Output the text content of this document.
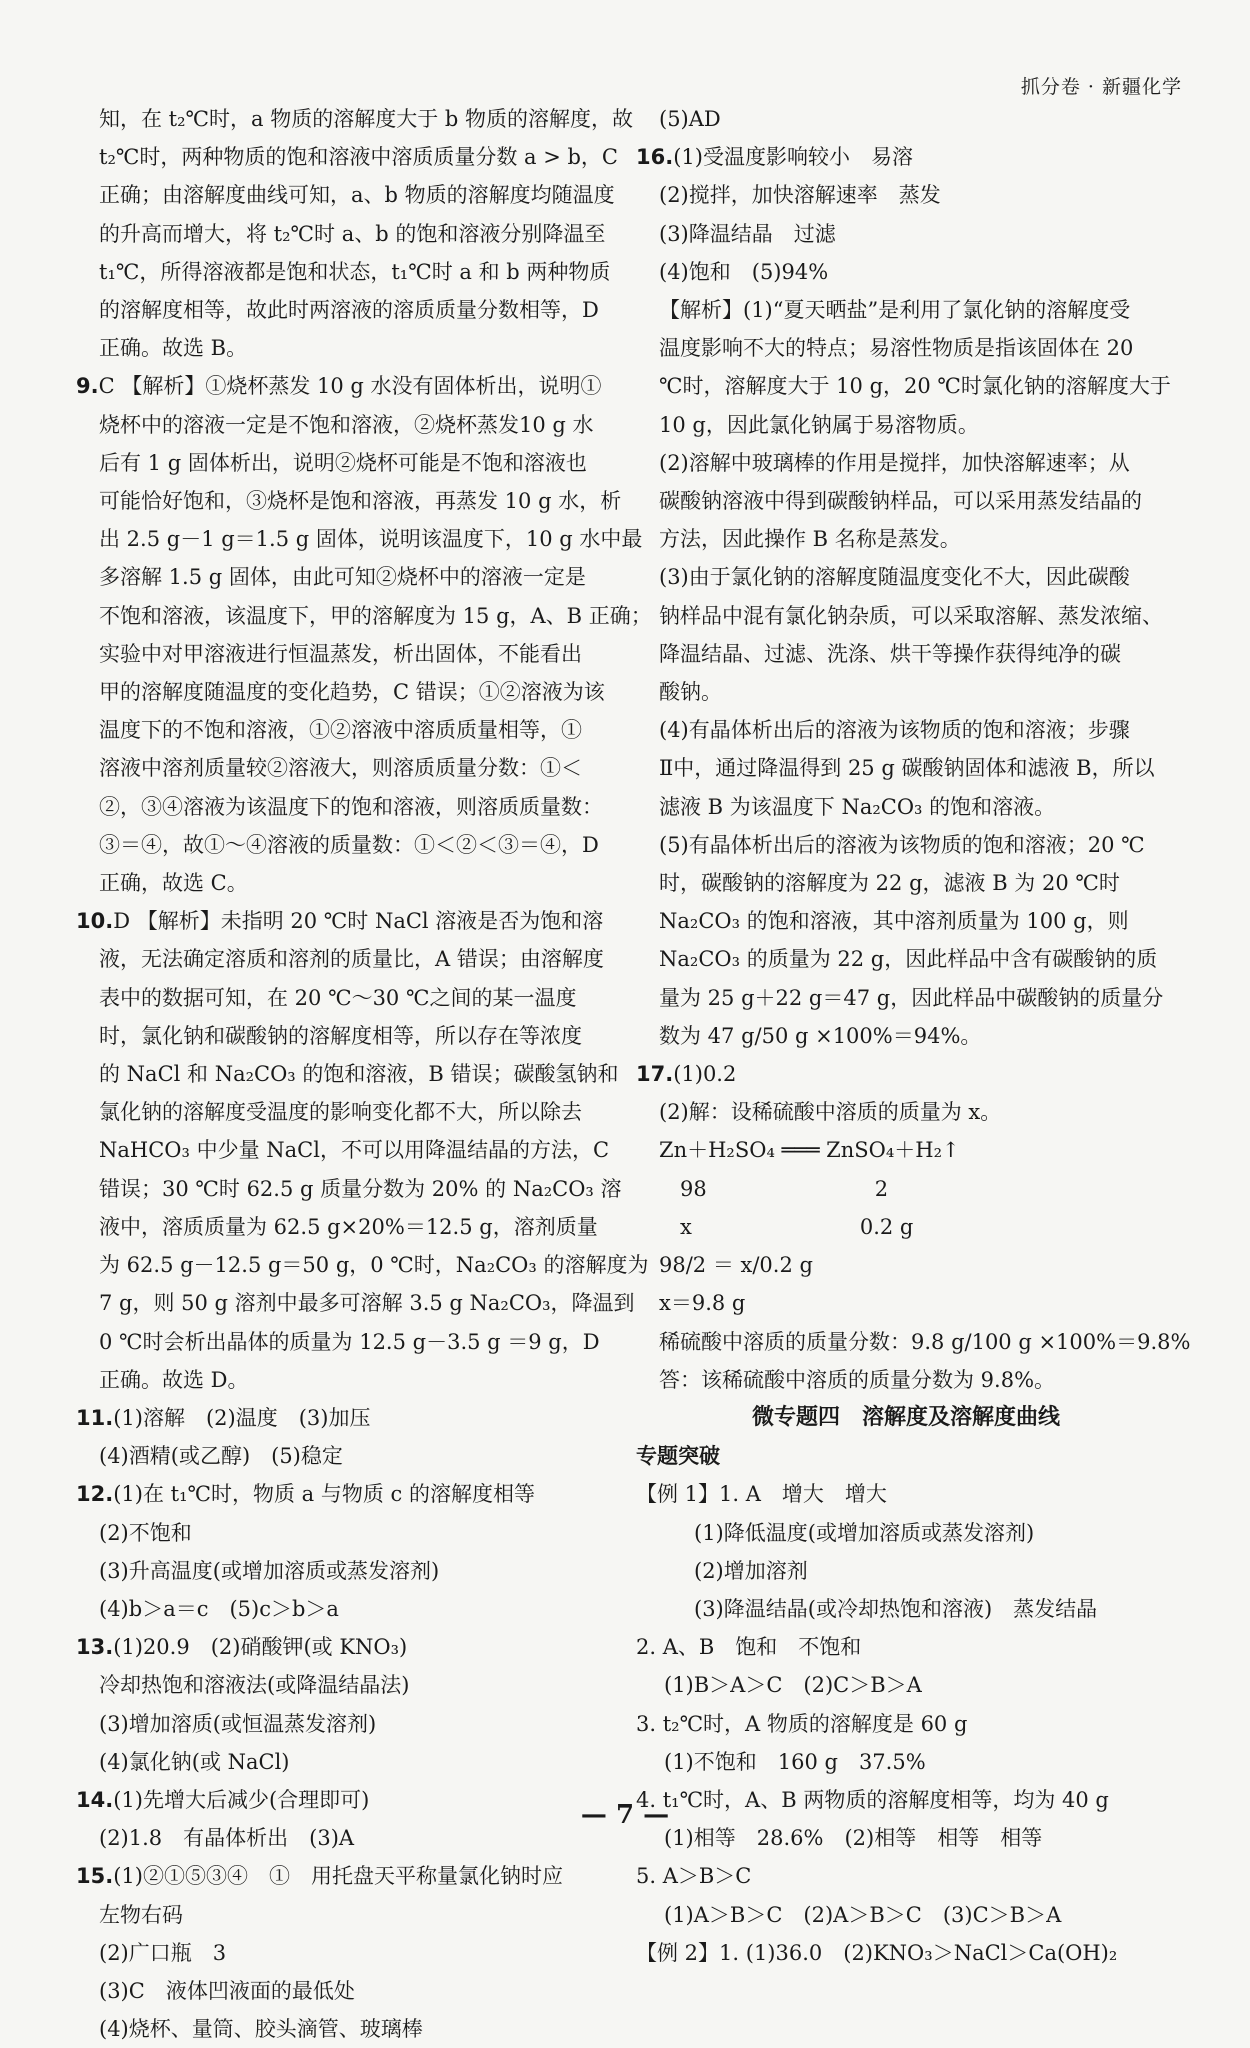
抓分卷 · 新疆化学
知，在 t₂℃时，a 物质的溶解度大于 b 物质的溶解度，故
t₂℃时，两种物质的饱和溶液中溶质质量分数 a > b，C
正确；由溶解度曲线可知，a、b 物质的溶解度均随温度
的升高而增大，将 t₂℃时 a、b 的饱和溶液分别降温至
t₁℃，所得溶液都是饱和状态，t₁℃时 a 和 b 两种物质
的溶解度相等，故此时两溶液的溶质质量分数相等，D
正确。故选 B。
9.C 【解析】①烧杯蒸发 10 g 水没有固体析出，说明①
烧杯中的溶液一定是不饱和溶液，②烧杯蒸发10 g 水
后有 1 g 固体析出，说明②烧杯可能是不饱和溶液也
可能恰好饱和，③烧杯是饱和溶液，再蒸发 10 g 水，析
出 2.5 g－1 g＝1.5 g 固体，说明该温度下，10 g 水中最
多溶解 1.5 g 固体，由此可知②烧杯中的溶液一定是
不饱和溶液，该温度下，甲的溶解度为 15 g，A、B 正确；
实验中对甲溶液进行恒温蒸发，析出固体，不能看出
甲的溶解度随温度的变化趋势，C 错误；①②溶液为该
温度下的不饱和溶液，①②溶液中溶质质量相等，①
溶液中溶剂质量较②溶液大，则溶质质量分数：①＜
②，③④溶液为该温度下的饱和溶液，则溶质质量数：
③＝④，故①～④溶液的质量数：①＜②＜③＝④，D
正确，故选 C。
10.D 【解析】未指明 20 ℃时 NaCl 溶液是否为饱和溶
液，无法确定溶质和溶剂的质量比，A 错误；由溶解度
表中的数据可知，在 20 ℃～30 ℃之间的某一温度
时，氯化钠和碳酸钠的溶解度相等，所以存在等浓度
的 NaCl 和 Na₂CO₃ 的饱和溶液，B 错误；碳酸氢钠和
氯化钠的溶解度受温度的影响变化都不大，所以除去
NaHCO₃ 中少量 NaCl，不可以用降温结晶的方法，C
错误；30 ℃时 62.5 g 质量分数为 20% 的 Na₂CO₃ 溶
液中，溶质质量为 62.5 g×20%＝12.5 g，溶剂质量
为 62.5 g－12.5 g＝50 g，0 ℃时，Na₂CO₃ 的溶解度为
7 g，则 50 g 溶剂中最多可溶解 3.5 g Na₂CO₃，降温到
0 ℃时会析出晶体的质量为 12.5 g－3.5 g ＝9 g，D
正确。故选 D。
11.(1)溶解　(2)温度　(3)加压
(4)酒精(或乙醇)　(5)稳定
12.(1)在 t₁℃时，物质 a 与物质 c 的溶解度相等
(2)不饱和
(3)升高温度(或增加溶质或蒸发溶剂)
(4)b＞a＝c　(5)c＞b＞a
13.(1)20.9　(2)硝酸钾(或 KNO₃)
冷却热饱和溶液法(或降温结晶法)
(3)增加溶质(或恒温蒸发溶剂)
(4)氯化钠(或 NaCl)
14.(1)先增大后减少(合理即可)
(2)1.8　有晶体析出　(3)A
15.(1)②①⑤③④　①　用托盘天平称量氯化钠时应
左物右码
(2)广口瓶　3
(3)C　液体凹液面的最低处
(4)烧杯、量筒、胶头滴管、玻璃棒
(5)AD
16.(1)受温度影响较小　易溶
(2)搅拌，加快溶解速率　蒸发
(3)降温结晶　过滤
(4)饱和　(5)94%
【解析】(1)“夏天晒盐”是利用了氯化钠的溶解度受
温度影响不大的特点；易溶性物质是指该固体在 20
℃时，溶解度大于 10 g，20 ℃时氯化钠的溶解度大于
10 g，因此氯化钠属于易溶物质。
(2)溶解中玻璃棒的作用是搅拌，加快溶解速率；从
碳酸钠溶液中得到碳酸钠样品，可以采用蒸发结晶的
方法，因此操作 B 名称是蒸发。
(3)由于氯化钠的溶解度随温度变化不大，因此碳酸
钠样品中混有氯化钠杂质，可以采取溶解、蒸发浓缩、
降温结晶、过滤、洗涤、烘干等操作获得纯净的碳
酸钠。
(4)有晶体析出后的溶液为该物质的饱和溶液；步骤
Ⅱ中，通过降温得到 25 g 碳酸钠固体和滤液 B，所以
滤液 B 为该温度下 Na₂CO₃ 的饱和溶液。
(5)有晶体析出后的溶液为该物质的饱和溶液；20 ℃
时，碳酸钠的溶解度为 22 g，滤液 B 为 20 ℃时
Na₂CO₃ 的饱和溶液，其中溶剂质量为 100 g，则
Na₂CO₃ 的质量为 22 g，因此样品中含有碳酸钠的质
量为 25 g＋22 g＝47 g，因此样品中碳酸钠的质量分
数为 47 g/50 g ×100%＝94%。
17.(1)0.2
(2)解：设稀硫酸中溶质的质量为 x。
Zn＋H₂SO₄ ═══ ZnSO₄＋H₂↑
　98　　　　　　　　2
　x　　　　　　　　0.2 g
98/2 ＝ x/0.2 g
x＝9.8 g
稀硫酸中溶质的质量分数：9.8 g/100 g ×100%＝9.8%
答：该稀硫酸中溶质的质量分数为 9.8%。
微专题四　溶解度及溶解度曲线
专题突破
【例 1】1. A　增大　增大
(1)降低温度(或增加溶质或蒸发溶剂)
(2)增加溶剂
(3)降温结晶(或冷却热饱和溶液)　蒸发结晶
2. A、B　饱和　不饱和
(1)B＞A＞C　(2)C＞B＞A
3. t₂℃时，A 物质的溶解度是 60 g
(1)不饱和　160 g　37.5%
4. t₁℃时，A、B 两物质的溶解度相等，均为 40 g
(1)相等　28.6%　(2)相等　相等　相等
5. A＞B＞C
(1)A＞B＞C　(2)A＞B＞C　(3)C＞B＞A
【例 2】1. (1)36.0　(2)KNO₃＞NaCl＞Ca(OH)₂
— 7 —
